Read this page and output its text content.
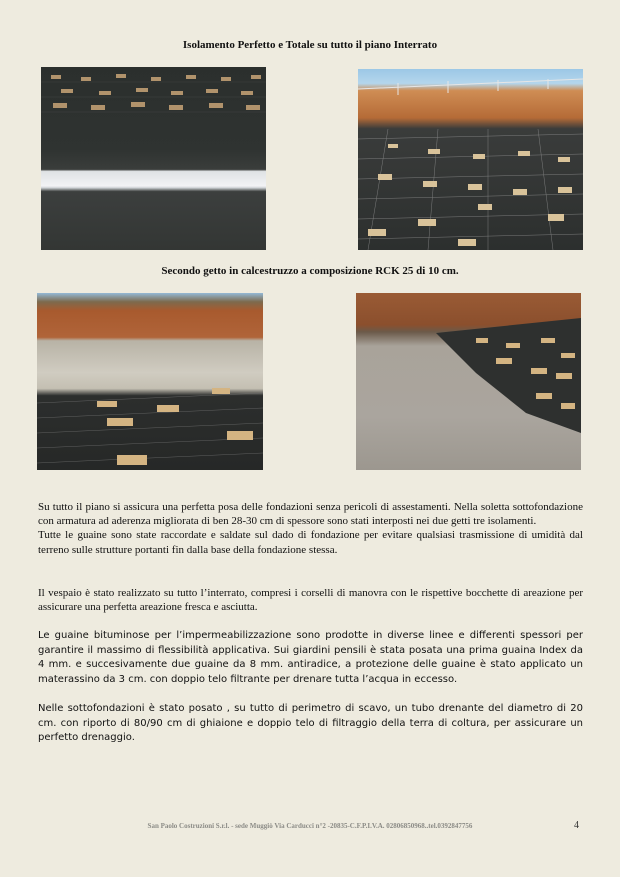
Isolamento Perfetto e Totale su tutto il piano Interrato
Secondo getto in calcestruzzo a composizione RCK 25 di 10 cm.

Su tutto il piano si assicura una perfetta posa delle fondazioni senza pericoli di assestamenti. Nella soletta sottofondazione con armatura ad aderenza migliorata di ben 28-30 cm di spessore sono stati interposti nei due getti tre isolamenti.

Tutte le guaine sono state raccordate e saldate sul dado di fondazione per evitare qualsiasi trasmissione di umidità dal terreno sulle strutture portanti fin dalla base della fondazione stessa.

Il vespaio è stato realizzato su tutto l’interrato, compresi i corselli di manovra con le rispettive bocchette di areazione per assicurare una perfetta areazione fresca e asciutta.

Le guaine bituminose per l’impermeabilizzazione sono prodotte in diverse linee e differenti spessori per garantire il massimo di flessibilità applicativa. Sui giardini pensili è stata posata una prima guaina Index da 4 mm. e succesivamente due guaine da 8 mm. antiradice, a protezione delle guaine è stato applicato un materassino da 3 cm. con doppio telo filtrante per drenare tutta l’acqua in eccesso.

Nelle sottofondazioni è stato posato , su tutto di perimetro di scavo, un tubo drenante del diametro di 20 cm. con riporto di 80/90 cm di ghiaione e doppio telo di filtraggio della terra di coltura, per assicurare un perfetto drenaggio.

San Paolo Costruzioni S.r.l. - sede Muggiò Via Carducci n°2 -20835-C.F.P.I.V.A. 02806850968..tel.0392847756	4
